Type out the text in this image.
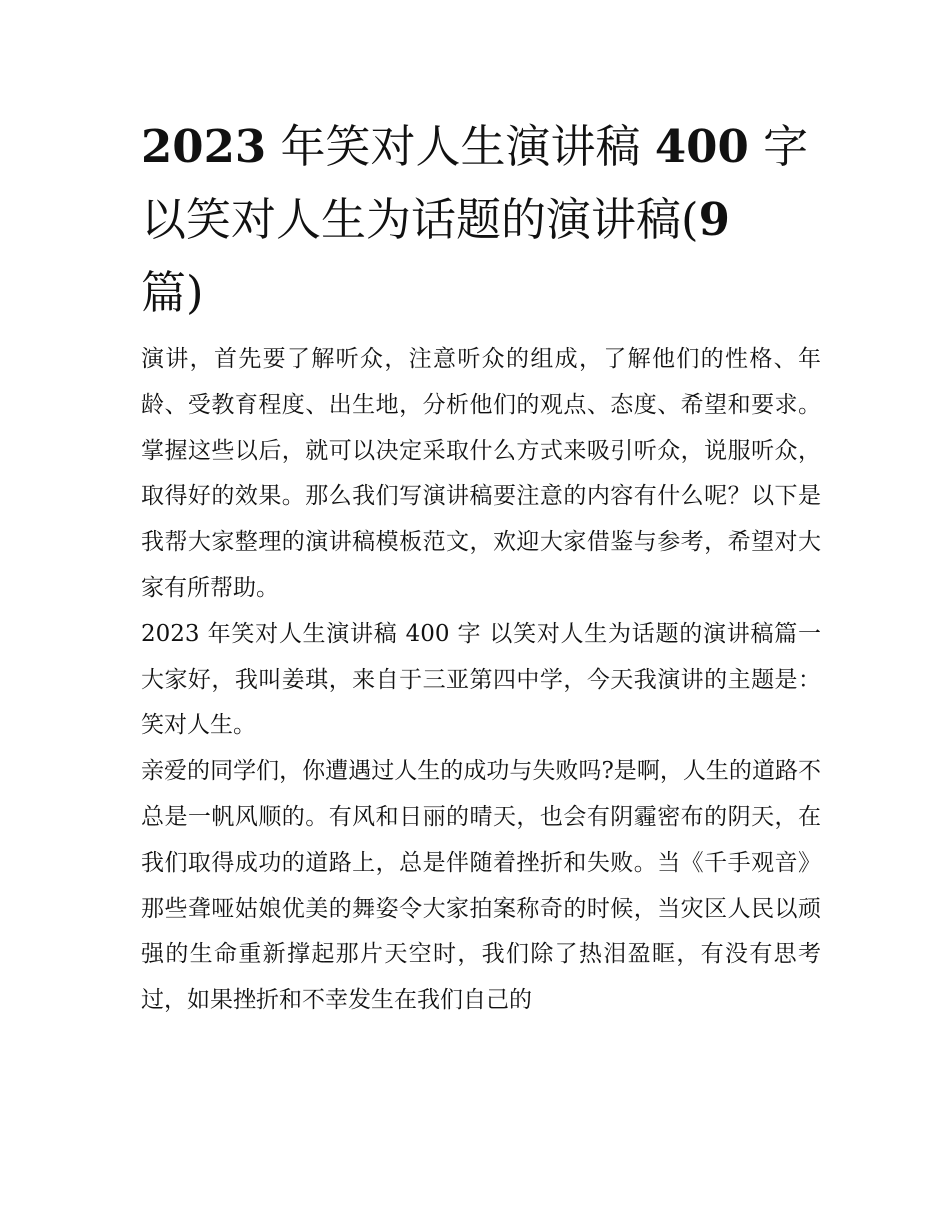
2023 年笑对人生演讲稿 400 字
以笑对人生为话题的演讲稿(9
篇)

演讲，首先要了解听众，注意听众的组成，了解他们的性格、年龄、受教育程度、出生地，分析他们的观点、态度、希望和要求。掌握这些以后，就可以决定采取什么方式来吸引听众，说服听众，取得好的效果。那么我们写演讲稿要注意的内容有什么呢？以下是我帮大家整理的演讲稿模板范文，欢迎大家借鉴与参考，希望对大家有所帮助。

2023 年笑对人生演讲稿 400 字 以笑对人生为话题的演讲稿篇一 大家好，我叫姜琪，来自于三亚第四中学，今天我演讲的主题是：笑对人生。

亲爱的同学们，你遭遇过人生的成功与失败吗?是啊，人生的道路不总是一帆风顺的。有风和日丽的晴天，也会有阴霾密布的阴天，在我们取得成功的道路上，总是伴随着挫折和失败。当《千手观音》那些聋哑姑娘优美的舞姿令大家拍案称奇的时候，当灾区人民以顽强的生命重新撑起那片天空时，我们除了热泪盈眶，有没有思考过，如果挫折和不幸发生在我们自己的
